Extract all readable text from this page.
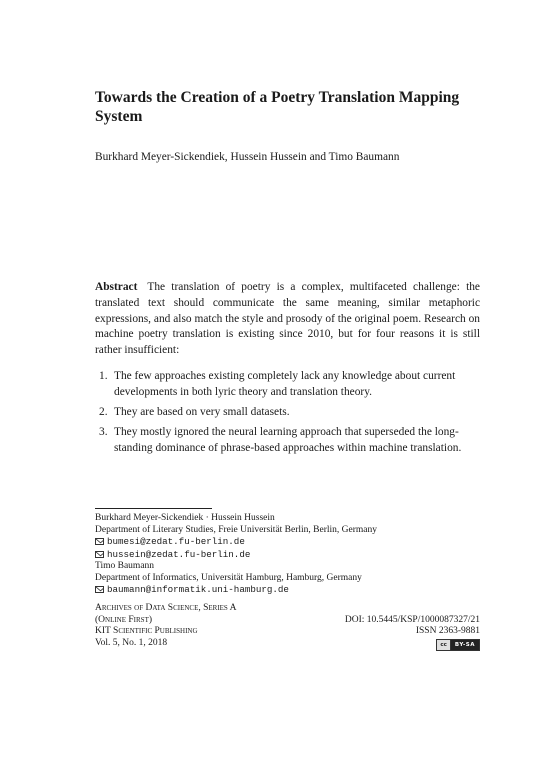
Towards the Creation of a Poetry Translation Mapping System
Burkhard Meyer-Sickendiek, Hussein Hussein and Timo Baumann
Abstract The translation of poetry is a complex, multifaceted challenge: the translated text should communicate the same meaning, similar metaphoric expressions, and also match the style and prosody of the original poem. Research on machine poetry translation is existing since 2010, but for four reasons it is still rather insufficient:
1. The few approaches existing completely lack any knowledge about current developments in both lyric theory and translation theory.
2. They are based on very small datasets.
3. They mostly ignored the neural learning approach that superseded the long-standing dominance of phrase-based approaches within machine translation.
Burkhard Meyer-Sickendiek · Hussein Hussein
Department of Literary Studies, Freie Universität Berlin, Berlin, Germany
bumesi@zedat.fu-berlin.de
hussein@zedat.fu-berlin.de
Timo Baumann
Department of Informatics, Universität Hamburg, Hamburg, Germany
baumann@informatik.uni-hamburg.de
Archives of Data Science, Series A
(Online First)	DOI: 10.5445/KSP/1000087327/21
KIT Scientific Publishing	ISSN 2363-9881
Vol. 5, No. 1, 2018	cc	BY-SA
